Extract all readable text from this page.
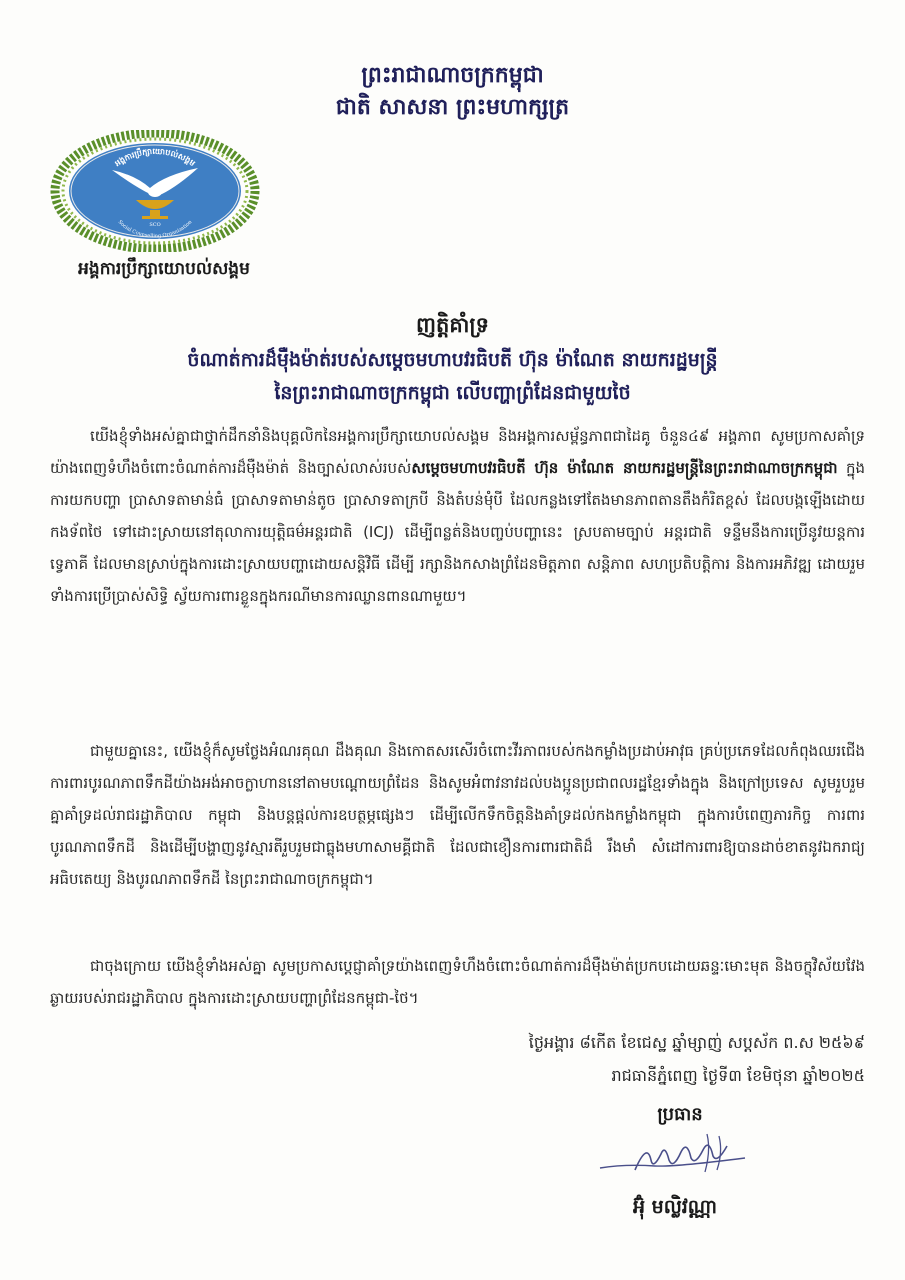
ព្រះរាជាណាចក្រកម្ពុជា
ជាតិ សាសនា ព្រះមហាក្សត្រ
អង្គការប្រឹក្សាយោបល់សង្គម
SCO
Social Counselling Organization
អង្គការប្រឹក្សាយោបល់សង្គម
ញត្តិគាំទ្រ
ចំណាត់ការដ៏មុឺងម៉ាត់របស់សម្តេចមហាបវរធិបតី ហ៊ុន ម៉ាណែត នាយករដ្ឋមន្ត្រី
នៃព្រះរាជាណាចក្រកម្ពុជា លើបញ្ហាព្រំដែនជាមួយថៃ
យើងខ្ញុំទាំងអស់គ្នាជាថ្នាក់ដឹកនាំនិងបុគ្គលិកនៃអង្គការប្រឹក្សាយោបល់សង្គម និងអង្គការសម្ព័ន្ធភាពជាដៃគូ ចំនួន៤៩ អង្គភាព សូមប្រកាសគាំទ្រយ៉ាងពេញទំហឹងចំពោះចំណាត់ការដ៏មុឺងម៉ាត់ និងច្បាស់លាស់របស់សម្តេចមហាបវរធិបតី ហ៊ុន ម៉ាណែត នាយករដ្ឋមន្ត្រីនៃព្រះរាជាណាចក្រកម្ពុជា ក្នុងការយកបញ្ហា ប្រាសាទតាមាន់ធំ ប្រាសាទតាមាន់តូច ប្រាសាទតាក្របី និងតំបន់មុំបី ដែលកន្លងទៅតែងមានភាពតានតឹងកំរិតខ្ពស់ ដែលបង្កឡើងដោយ កងទ័ពថៃ ទៅដោះស្រាយនៅតុលាការយុត្តិធម៌អន្តរជាតិ (ICJ) ដើម្បីពន្លត់និងបញ្ចប់បញ្ហានេះ ស្របតាមច្បាប់ អន្តរជាតិ ទន្ទឹមនឹងការប្រើនូវយន្តការទ្វេភាគី ដែលមានស្រាប់ក្នុងការដោះស្រាយបញ្ហាដោយសន្តិវិធី ដើម្បី រក្សានិងកសាងព្រំដែនមិត្តភាព សន្តិភាព សហប្រតិបត្តិការ និងការអភិវឌ្ឍ ដោយរួមទាំងការប្រើប្រាស់សិទ្ធិ ស្វ័យការពារខ្លួនក្នុងករណីមានការឈ្លានពានណាមួយ។
ជាមួយគ្នានេះ, យើងខ្ញុំក៏សូមថ្លែងអំណរគុណ ដឹងគុណ និងកោតសរសើរចំពោះវីរភាពរបស់កងកម្លាំងប្រដាប់អាវុធ គ្រប់ប្រភេទដែលកំពុងឈរជើងការពារបូរណភាពទឹកដីយ៉ាងអង់អាចក្លាហាននៅតាមបណ្តោយព្រំដែន និងសូមអំពាវនាវដល់បងប្អូនប្រជាពលរដ្ឋខ្មែរទាំងក្នុង និងក្រៅប្រទេស សូមរួបរួមគ្នាគាំទ្រដល់រាជរដ្ឋាភិបាល កម្ពុជា និងបន្តផ្តល់ការឧបត្ថម្ភផ្សេងៗ ដើម្បីលើកទឹកចិត្តនិងគាំទ្រដល់កងកម្លាំងកម្ពុជា ក្នុងការបំពេញភារកិច្ច ការពារបូរណភាពទឹកដី និងដើម្បីបង្ហាញនូវស្មារតីរួបរួមជាធ្លុងមហាសាមគ្គីជាតិ ដែលជាខឿនការពារជាតិដ៏ រឹងមាំ សំដៅការពារឱ្យបានដាច់ខាតនូវឯករាជ្យ អធិបតេយ្យ និងបូរណភាពទឹកដី នៃព្រះរាជាណាចក្រកម្ពុជា។
ជាចុងក្រោយ យើងខ្ញុំទាំងអស់គ្នា សូមប្រកាសប្តេជ្ញាគាំទ្រយ៉ាងពេញទំហឹងចំពោះចំណាត់ការដ៏មុឺងម៉ាត់ប្រកបដោយឆន្ទៈមោះមុត និងចក្ខុវិស័យវែងឆ្ងាយរបស់រាជរដ្ឋាភិបាល ក្នុងការដោះស្រាយបញ្ហាព្រំដែនកម្ពុជា-ថៃ។
ថ្ងៃអង្គារ ៨កើត ខែជេស្ឋ ឆ្នាំម្សាញ់ សប្តស័ក ព.ស ២៥៦៩
រាជធានីភ្នំពេញ ថ្ងៃទី៣ ខែមិថុនា ឆ្នាំ២០២៥
ប្រធាន
អ៊ុំ មល្លិវណ្ណា
